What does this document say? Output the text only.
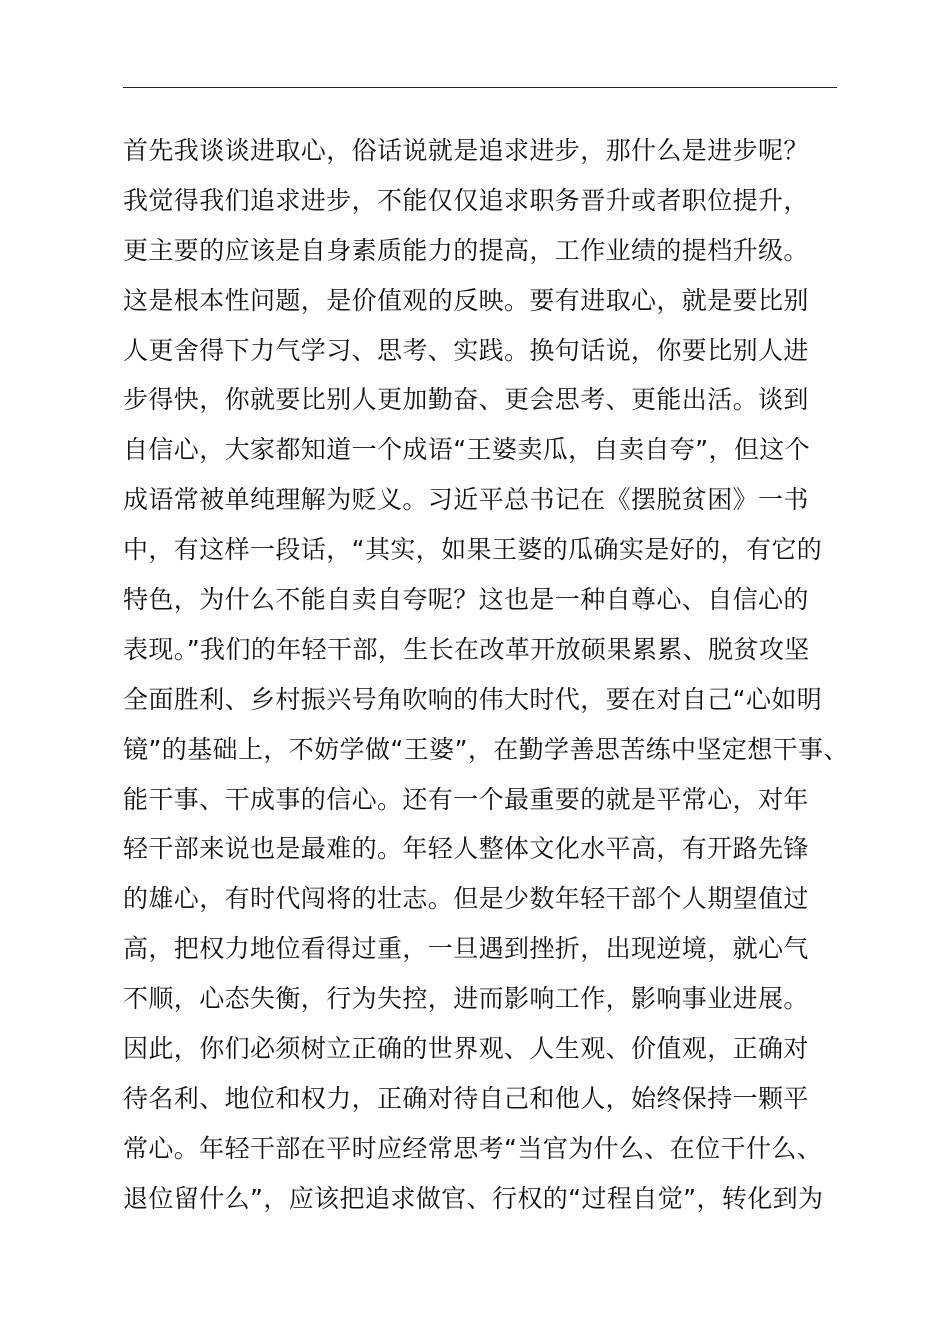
首先我谈谈进取心，俗话说就是追求进步，那什么是进步呢？
我觉得我们追求进步，不能仅仅追求职务晋升或者职位提升，
更主要的应该是自身素质能力的提高，工作业绩的提档升级。
这是根本性问题，是价值观的反映。要有进取心，就是要比别
人更舍得下力气学习、思考、实践。换句话说，你要比别人进
步得快，你就要比别人更加勤奋、更会思考、更能出活。谈到
自信心，大家都知道一个成语“王婆卖瓜，自卖自夸”，但这个
成语常被单纯理解为贬义。习近平总书记在《摆脱贫困》一书
中，有这样一段话，“其实，如果王婆的瓜确实是好的，有它的
特色，为什么不能自卖自夸呢？这也是一种自尊心、自信心的
表现。”我们的年轻干部，生长在改革开放硕果累累、脱贫攻坚
全面胜利、乡村振兴号角吹响的伟大时代，要在对自己“心如明
镜”的基础上，不妨学做“王婆”，在勤学善思苦练中坚定想干事、
能干事、干成事的信心。还有一个最重要的就是平常心，对年
轻干部来说也是最难的。年轻人整体文化水平高，有开路先锋
的雄心，有时代闯将的壮志。但是少数年轻干部个人期望值过
高，把权力地位看得过重，一旦遇到挫折，出现逆境，就心气
不顺，心态失衡，行为失控，进而影响工作，影响事业进展。
因此，你们必须树立正确的世界观、人生观、价值观，正确对
待名利、地位和权力，正确对待自己和他人，始终保持一颗平
常心。年轻干部在平时应经常思考“当官为什么、在位干什么、
退位留什么”，应该把追求做官、行权的“过程自觉”，转化到为
